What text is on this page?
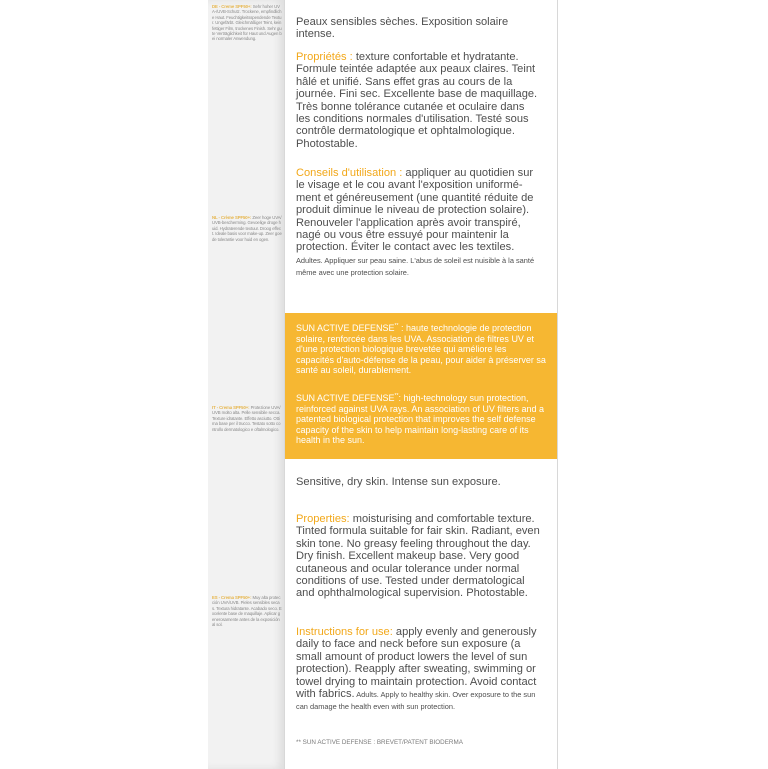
DE - Creme SPF50+: Sehr hoher UVA-/UVB-Schutz. Trockene, empfindliche Haut. Feuchtigkeitsspendende Textur. Ungefärbt. Gleichmäßiger Teint, kein fettiger Film, trockenes Finish. Sehr gute Verträglichkeit für Haut und Augen bei normaler Anwendung.
NL - Crème SPF50+: Zeer hoge UVA/UVB-bescherming. Gevoelige droge huid. Hydraterende textuur. Droog effect. Ideale basis voor make-up. Zeer goede tolerantie voor huid en ogen.
IT - Crema SPF50+: Protezione UVA/UVB molto alta. Pelle sensibile secca. Texture idratante. Effetto asciutto. Ottima base per il trucco. Testato sotto controllo dermatologico e oftalmologico.
ES - Crema SPF50+: Muy alta protección UVA/UVB. Pieles sensibles secas. Textura hidratante. Acabado seco. Excelente base de maquillaje. Aplicar generosamente antes de la exposición al sol.

Peaux sensibles sèches. Exposition solaire intense.

Propriétés : texture confortable et hydratante. Formule teintée adaptée aux peaux claires. Teint hâlé et unifié. Sans effet gras au cours de la journée. Fini sec. Excellente base de maquillage. Très bonne tolérance cutanée et oculaire dans les conditions normales d'utilisation. Testé sous contrôle dermatologique et ophtalmologique. Photostable.

Conseils d'utilisation : appliquer au quotidien sur le visage et le cou avant l'exposition uniformément et généreusement (une quantité réduite de produit diminue le niveau de protection solaire). Renouveler l'application après avoir transpiré, nagé ou vous être essuyé pour maintenir la protection. Éviter le contact avec les textiles. Adultes. Appliquer sur peau saine. L'abus de soleil est nuisible à la santé même avec une protection solaire.

Sensitive, dry skin. Intense sun exposure.

Properties: moisturising and comfortable texture. Tinted formula suitable for fair skin. Radiant, even skin tone. No greasy feeling throughout the day. Dry finish. Excellent makeup base. Very good cutaneous and ocular tolerance under normal conditions of use. Tested under dermatological and ophthalmological supervision. Photostable.

Instructions for use: apply evenly and generously daily to face and neck before sun exposure (a small amount of product lowers the level of sun protection). Reapply after sweating, swimming or towel drying to maintain protection. Avoid contact with fabrics. Adults. Apply to healthy skin. Over exposure to the sun can damage the health even with sun protection.

SUN ACTIVE DEFENSE** : haute technologie de protection solaire, renforcée dans les UVA. Association de filtres UV et d'une protection biologique brevetée qui améliore les capacités d'auto-défense de la peau, pour aider à préserver sa santé au soleil, durablement.

SUN ACTIVE DEFENSE**: high-technology sun protection, reinforced against UVA rays. An association of UV filters and a patented biological protection that improves the self defense capacity of the skin to help maintain long-lasting care of its health in the sun.

** SUN ACTIVE DEFENSE : BREVET/PATENT BIODERMA
